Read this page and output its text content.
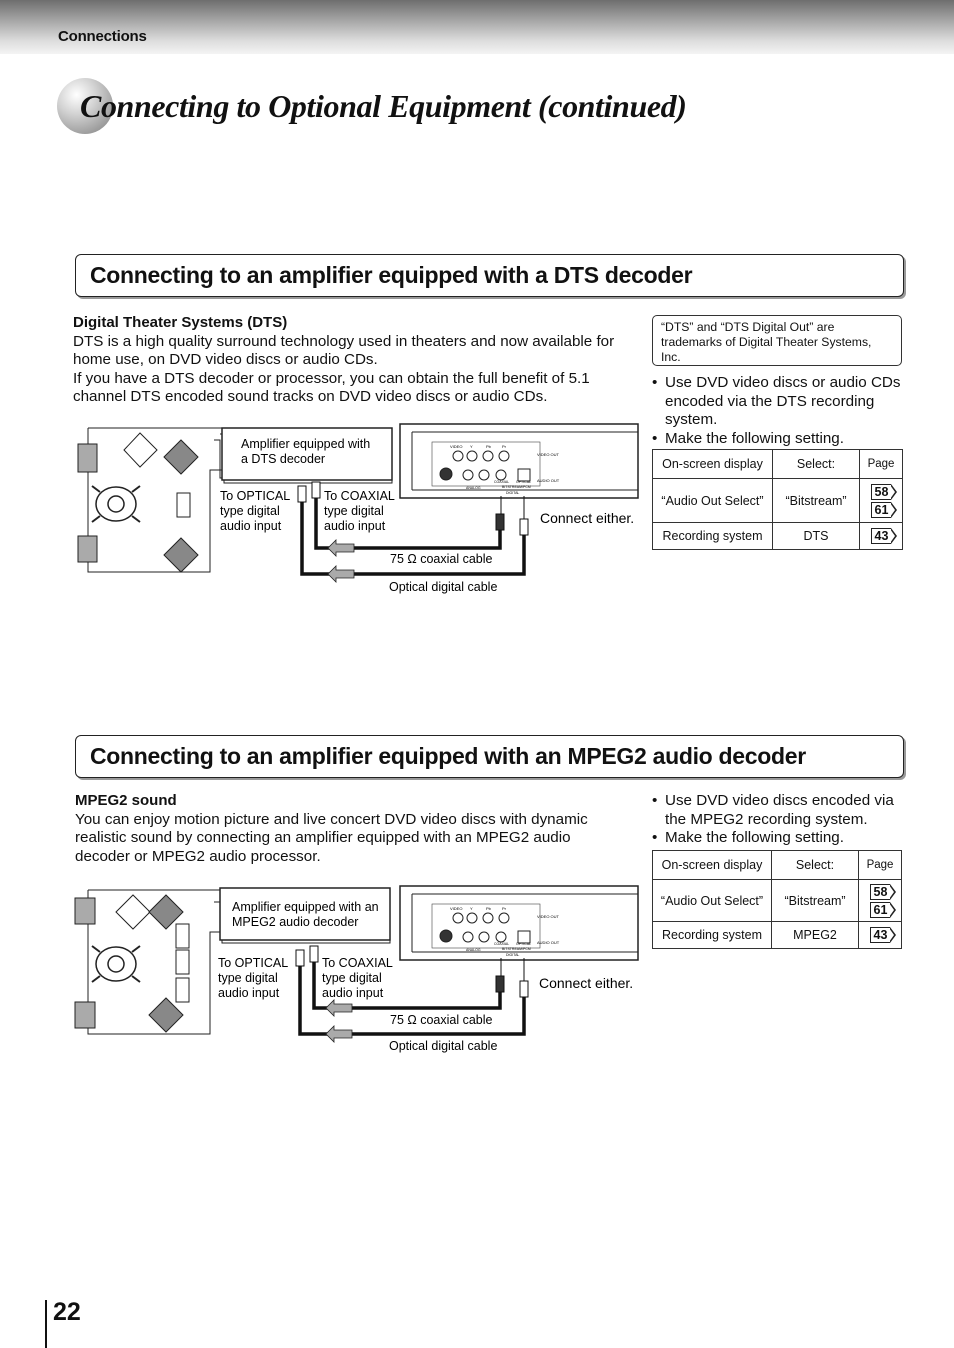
Connections
Connecting to Optional Equipment (continued)
Connecting to an amplifier equipped with a DTS decoder
Digital Theater Systems (DTS)
DTS is a high quality surround technology used in theaters and now available for home use, on DVD video discs or audio CDs.
If you have a DTS decoder or processor, you can obtain the full benefit of 5.1 channel DTS encoded sound tracks on DVD video discs or audio CDs.
“DTS” and “DTS Digital Out” are trademarks of Digital Theater Systems, Inc.
• Use DVD video discs or audio CDs encoded via the DTS recording system.
• Make the following setting.
On-screen display	Select:	Page
“Audio Out Select”	“Bitstream”	58
61
Recording system	DTS	43
Amplifier equipped with
a DTS decoder
VIDEO Y	Pb	Pr
VIDEO OUT
AUDIO OUT
ANALOG
COAXIAL OPTICAL
BITSTREAM/PCM
DIGITAL
To OPTICAL
type digital
audio input
To COAXIAL
type digital
audio input	Connect either.
75 Ω coaxial cable
Optical digital cable
Connecting to an amplifier equipped with an MPEG2 audio decoder
MPEG2 sound
You can enjoy motion picture and live concert DVD video discs with dynamic realistic sound by connecting an amplifier equipped with an MPEG2 audio decoder or MPEG2 audio processor.
• Use DVD video discs encoded via the MPEG2 recording system.
• Make the following setting.
On-screen display	Select:	Page
“Audio Out Select”	“Bitstream”	58
61
Recording system	MPEG2	43
Amplifier equipped with an
MPEG2 audio decoder
VIDEO Y	Pb	Pr
VIDEO OUT
AUDIO OUT
ANALOG
COAXIAL OPTICAL
BITSTREAM/PCM
DIGITAL
To OPTICAL
type digital
audio input
To COAXIAL
type digital
audio input
Connect either.
75 Ω coaxial cable
Optical digital cable
22
